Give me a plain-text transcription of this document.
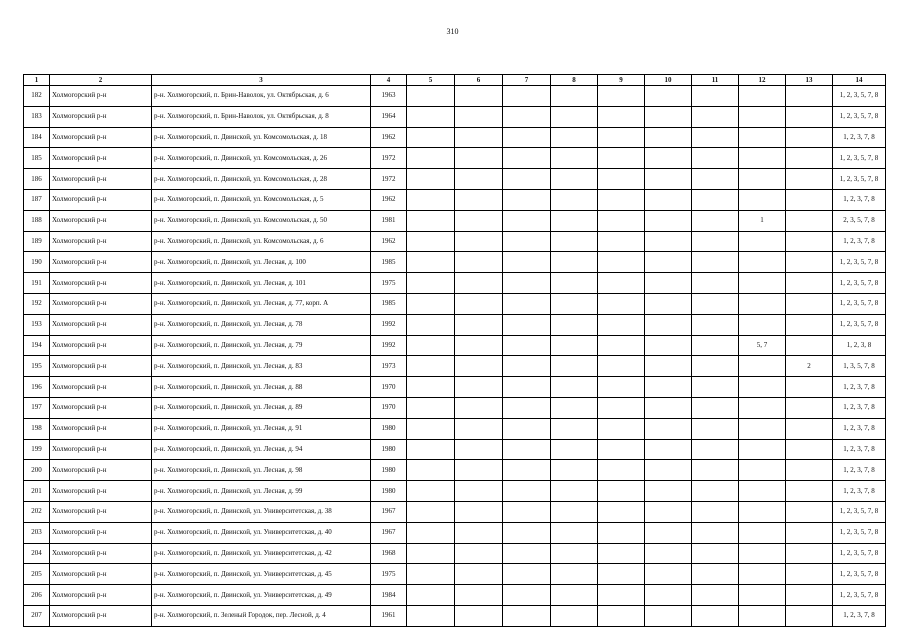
310
1	2	3	4	5	6	7	8	9	10	11	12	13	14
182	Холмогорский р-н	р-н. Холмогорский, п. Брин-Наволок, ул. Октябрьская, д. 6	1963										1, 2, 3, 5, 7, 8
183	Холмогорский р-н	р-н. Холмогорский, п. Брин-Наволок, ул. Октябрьская, д. 8	1964										1, 2, 3, 5, 7, 8
184	Холмогорский р-н	р-н. Холмогорский, п. Двинской, ул. Комсомольская, д. 18	1962										1, 2, 3, 7, 8
185	Холмогорский р-н	р-н. Холмогорский, п. Двинской, ул. Комсомольская, д. 26	1972										1, 2, 3, 5, 7, 8
186	Холмогорский р-н	р-н. Холмогорский, п. Двинской, ул. Комсомольская, д. 28	1972										1, 2, 3, 5, 7, 8
187	Холмогорский р-н	р-н. Холмогорский, п. Двинской, ул. Комсомольская, д. 5	1962										1, 2, 3, 7, 8
188	Холмогорский р-н	р-н. Холмогорский, п. Двинской, ул. Комсомольская, д. 50	1981								1		2, 3, 5, 7, 8
189	Холмогорский р-н	р-н. Холмогорский, п. Двинской, ул. Комсомольская, д. 6	1962										1, 2, 3, 7, 8
190	Холмогорский р-н	р-н. Холмогорский, п. Двинской, ул. Лесная, д. 100	1985										1, 2, 3, 5, 7, 8
191	Холмогорский р-н	р-н. Холмогорский, п. Двинской, ул. Лесная, д. 101	1975										1, 2, 3, 5, 7, 8
192	Холмогорский р-н	р-н. Холмогорский, п. Двинской, ул. Лесная, д. 77, корп. А	1985										1, 2, 3, 5, 7, 8
193	Холмогорский р-н	р-н. Холмогорский, п. Двинской, ул. Лесная, д. 78	1992										1, 2, 3, 5, 7, 8
194	Холмогорский р-н	р-н. Холмогорский, п. Двинской, ул. Лесная, д. 79	1992								5, 7		1, 2, 3, 8
195	Холмогорский р-н	р-н. Холмогорский, п. Двинской, ул. Лесная, д. 83	1973									2	1, 3, 5, 7, 8
196	Холмогорский р-н	р-н. Холмогорский, п. Двинской, ул. Лесная, д. 88	1970										1, 2, 3, 7, 8
197	Холмогорский р-н	р-н. Холмогорский, п. Двинской, ул. Лесная, д. 89	1970										1, 2, 3, 7, 8
198	Холмогорский р-н	р-н. Холмогорский, п. Двинской, ул. Лесная, д. 91	1980										1, 2, 3, 7, 8
199	Холмогорский р-н	р-н. Холмогорский, п. Двинской, ул. Лесная, д. 94	1980										1, 2, 3, 7, 8
200	Холмогорский р-н	р-н. Холмогорский, п. Двинской, ул. Лесная, д. 98	1980										1, 2, 3, 7, 8
201	Холмогорский р-н	р-н. Холмогорский, п. Двинской, ул. Лесная, д. 99	1980										1, 2, 3, 7, 8
202	Холмогорский р-н	р-н. Холмогорский, п. Двинской, ул. Университетская, д. 38	1967										1, 2, 3, 5, 7, 8
203	Холмогорский р-н	р-н. Холмогорский, п. Двинской, ул. Университетская, д. 40	1967										1, 2, 3, 5, 7, 8
204	Холмогорский р-н	р-н. Холмогорский, п. Двинской, ул. Университетская, д. 42	1968										1, 2, 3, 5, 7, 8
205	Холмогорский р-н	р-н. Холмогорский, п. Двинской, ул. Университетская, д. 45	1975										1, 2, 3, 5, 7, 8
206	Холмогорский р-н	р-н. Холмогорский, п. Двинской, ул. Университетская, д. 49	1984										1, 2, 3, 5, 7, 8
207	Холмогорский р-н	р-н. Холмогорский, п. Зеленый Городок, пер. Лесной, д. 4	1961										1, 2, 3, 7, 8
